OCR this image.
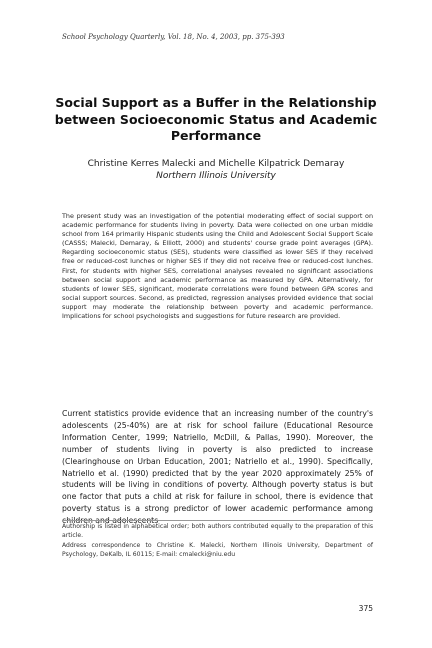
School Psychology Quarterly, Vol. 18, No. 4, 2003, pp. 375-393
Social Support as a Buffer in the Relationship between Socioeconomic Status and Academic Performance
Christine Kerres Malecki and Michelle Kilpatrick Demaray
Northern Illinois University

The present study was an investigation of the potential moderating effect of social support on academic performance for students living in poverty. Data were collected on one urban middle school from 164 primarily Hispanic students using the Child and Adolescent Social Support Scale (CASSS; Malecki, Demaray, & Elliott, 2000) and students' course grade point averages (GPA). Regarding socioeconomic status (SES), students were classified as lower SES if they received free or reduced-cost lunches or higher SES if they did not receive free or reduced-cost lunches. First, for students with higher SES, correlational analyses revealed no significant associations between social support and academic performance as measured by GPA. Alternatively, for students of lower SES, significant, moderate correlations were found between GPA scores and social support sources. Second, as predicted, regression analyses provided evidence that social support may moderate the relationship between poverty and academic performance. Implications for school psychologists and suggestions for future research are provided.

Current statistics provide evidence that an increasing number of the country's adolescents (25-40%) are at risk for school failure (Educational Resource Information Center, 1999; Natriello, McDill, & Pallas, 1990). Moreover, the number of students living in poverty is also predicted to increase (Clearinghouse on Urban Education, 2001; Natriello et al., 1990). Specifically, Natriello et al. (1990) predicted that by the year 2020 approximately 25% of students will be living in conditions of poverty. Although poverty status is but one factor that puts a child at risk for failure in school, there is evidence that poverty status is a strong predictor of lower academic performance among children and adolescents

Authorship is listed in alphabetical order; both authors contributed equally to the preparation of this article.

Address correspondence to Christine K. Malecki, Northern Illinois University, Department of Psychology, DeKalb, IL 60115; E-mail: cmalecki@niu.edu

375
